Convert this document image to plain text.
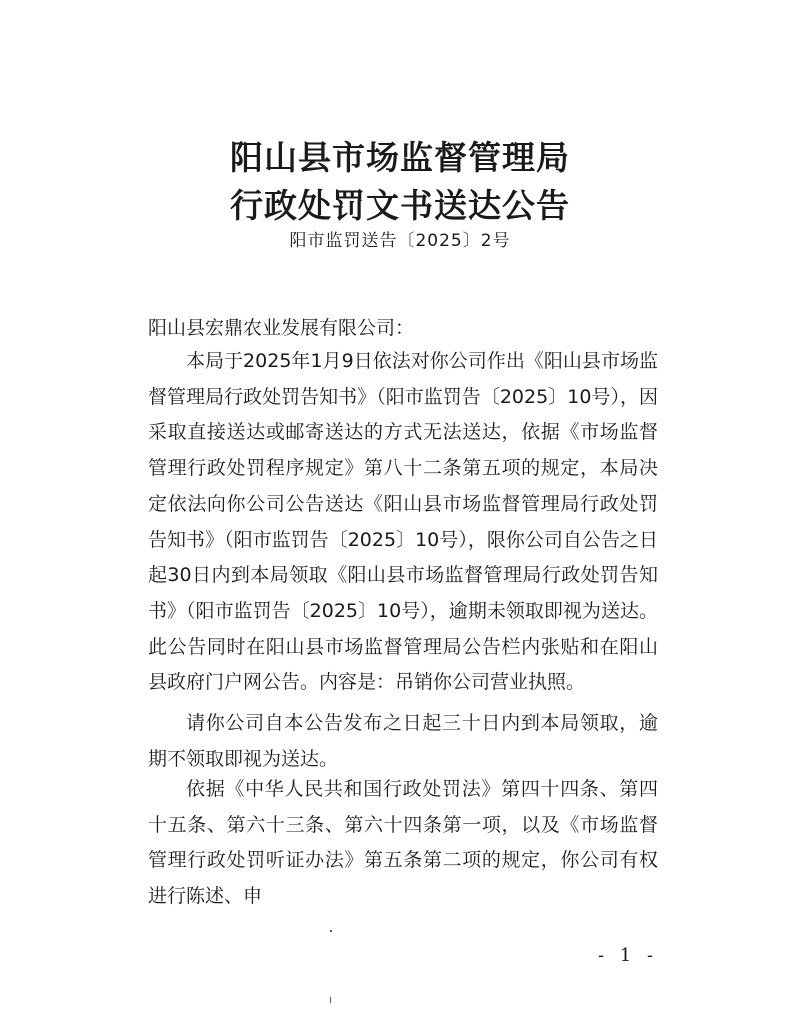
阳山县市场监督管理局
行政处罚文书送达公告
阳市监罚送告〔2025〕2号
阳山县宏鼎农业发展有限公司：
本局于2025年1月9日依法对你公司作出《阳山县市场监督管理局行政处罚告知书》（阳市监罚告〔2025〕10号），因采取直接送达或邮寄送达的方式无法送达，依据《市场监督管理行政处罚程序规定》第八十二条第五项的规定，本局决定依法向你公司公告送达《阳山县市场监督管理局行政处罚告知书》（阳市监罚告〔2025〕10号），限你公司自公告之日起30日内到本局领取《阳山县市场监督管理局行政处罚告知书》（阳市监罚告〔2025〕10号），逾期未领取即视为送达。此公告同时在阳山县市场监督管理局公告栏内张贴和在阳山县政府门户网公告。内容是：吊销你公司营业执照。
请你公司自本公告发布之日起三十日内到本局领取，逾期不领取即视为送达。
依据《中华人民共和国行政处罚法》第四十四条、第四十五条、第六十三条、第六十四条第一项，以及《市场监督管理行政处罚听证办法》第五条第二项的规定，你公司有权进行陈述、申
- 1 -
